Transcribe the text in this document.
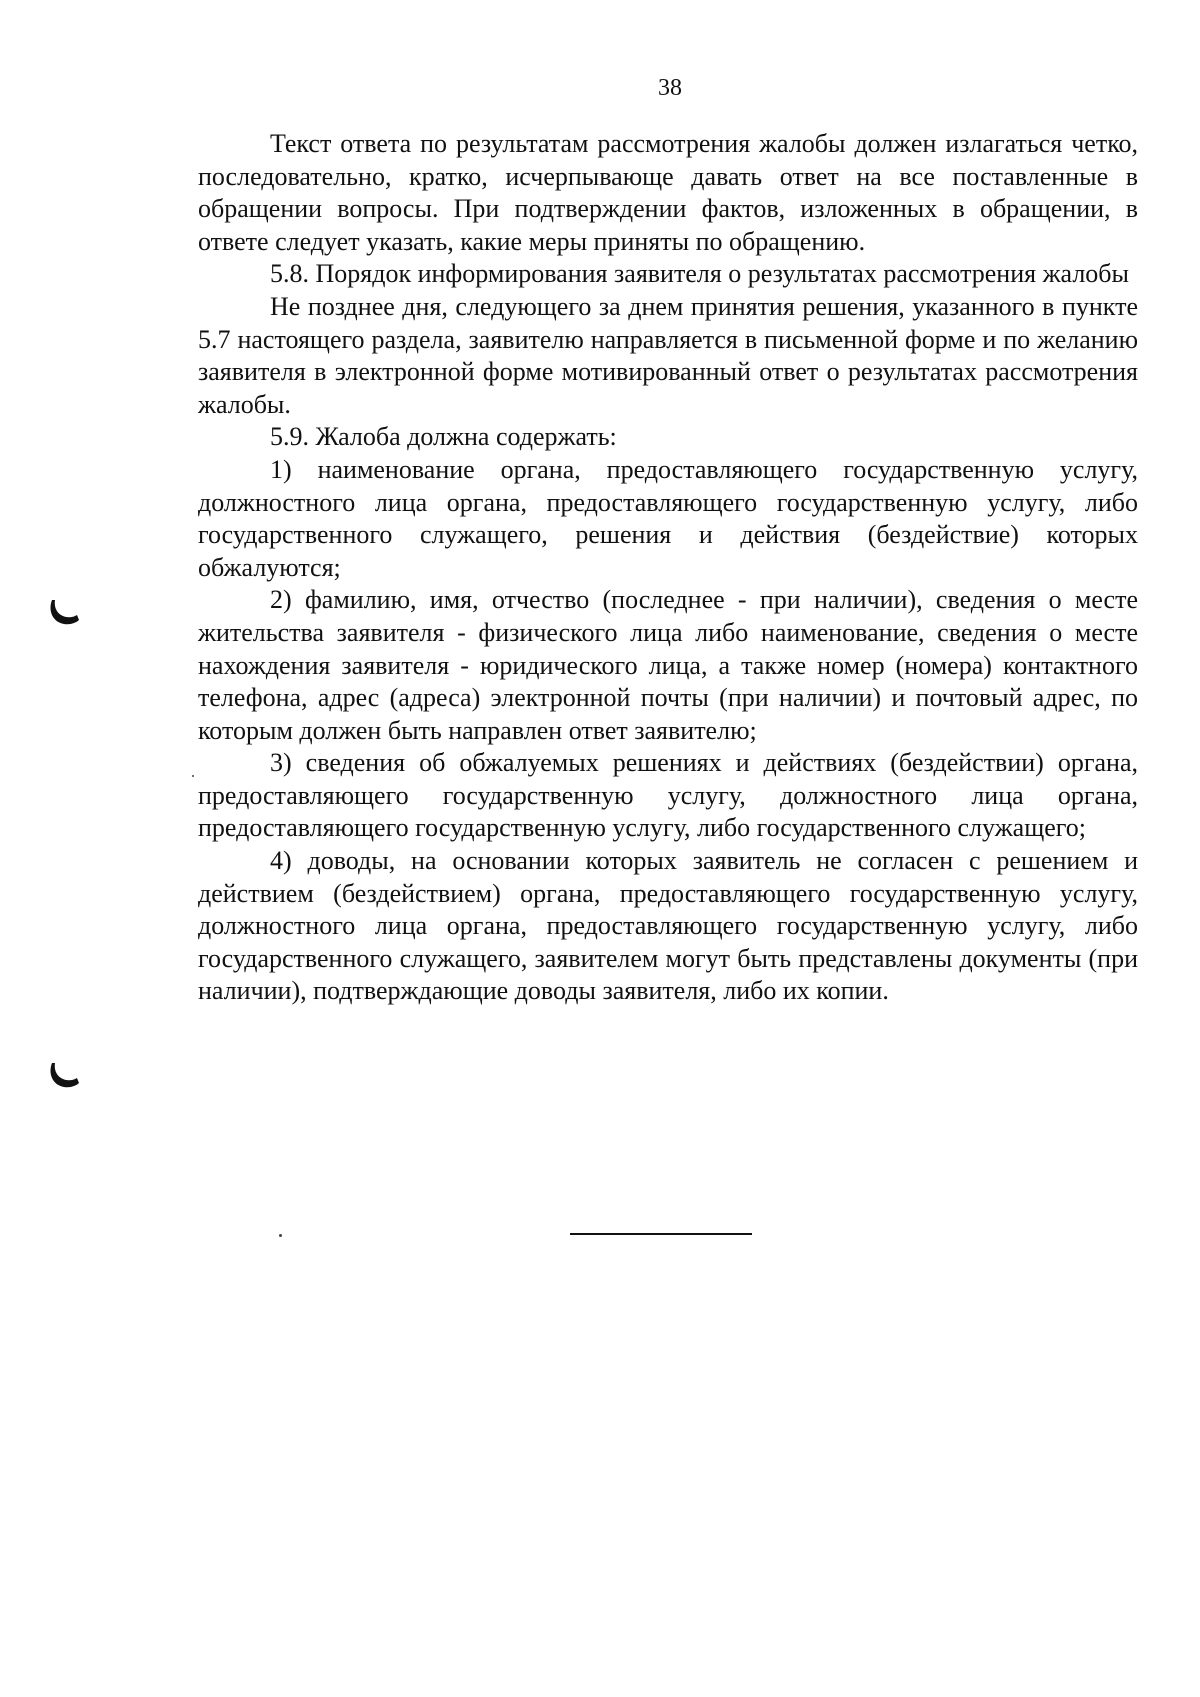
38

Текст ответа по результатам рассмотрения жалобы должен излагаться четко, последовательно, кратко, исчерпывающе давать ответ на все поставленные в обращении вопросы. При подтверждении фактов, изложенных в обращении, в ответе следует указать, какие меры приняты по обращению.

5.8. Порядок информирования заявителя о результатах рассмотрения жалобы

Не позднее дня, следующего за днем принятия решения, указанного в пункте 5.7 настоящего раздела, заявителю направляется в письменной форме и по желанию заявителя в электронной форме мотивированный ответ о результатах рассмотрения жалобы.

5.9. Жалоба должна содержать:

1) наименование органа, предоставляющего государственную услугу, должностного лица органа, предоставляющего государственную услугу, либо государственного служащего, решения и действия (бездействие) которых обжалуются;

2) фамилию, имя, отчество (последнее - при наличии), сведения о месте жительства заявителя - физического лица либо наименование, сведения о месте нахождения заявителя - юридического лица, а также номер (номера) контактного телефона, адрес (адреса) электронной почты (при наличии) и почтовый адрес, по которым должен быть направлен ответ заявителю;

3) сведения об обжалуемых решениях и действиях (бездействии) органа, предоставляющего государственную услугу, должностного лица органа, предоставляющего государственную услугу, либо государственного служащего;

4) доводы, на основании которых заявитель не согласен с решением и действием (бездействием) органа, предоставляющего государственную услугу, должностного лица органа, предоставляющего государственную услугу, либо государственного служащего, заявителем могут быть представлены документы (при наличии), подтверждающие доводы заявителя, либо их копии.
